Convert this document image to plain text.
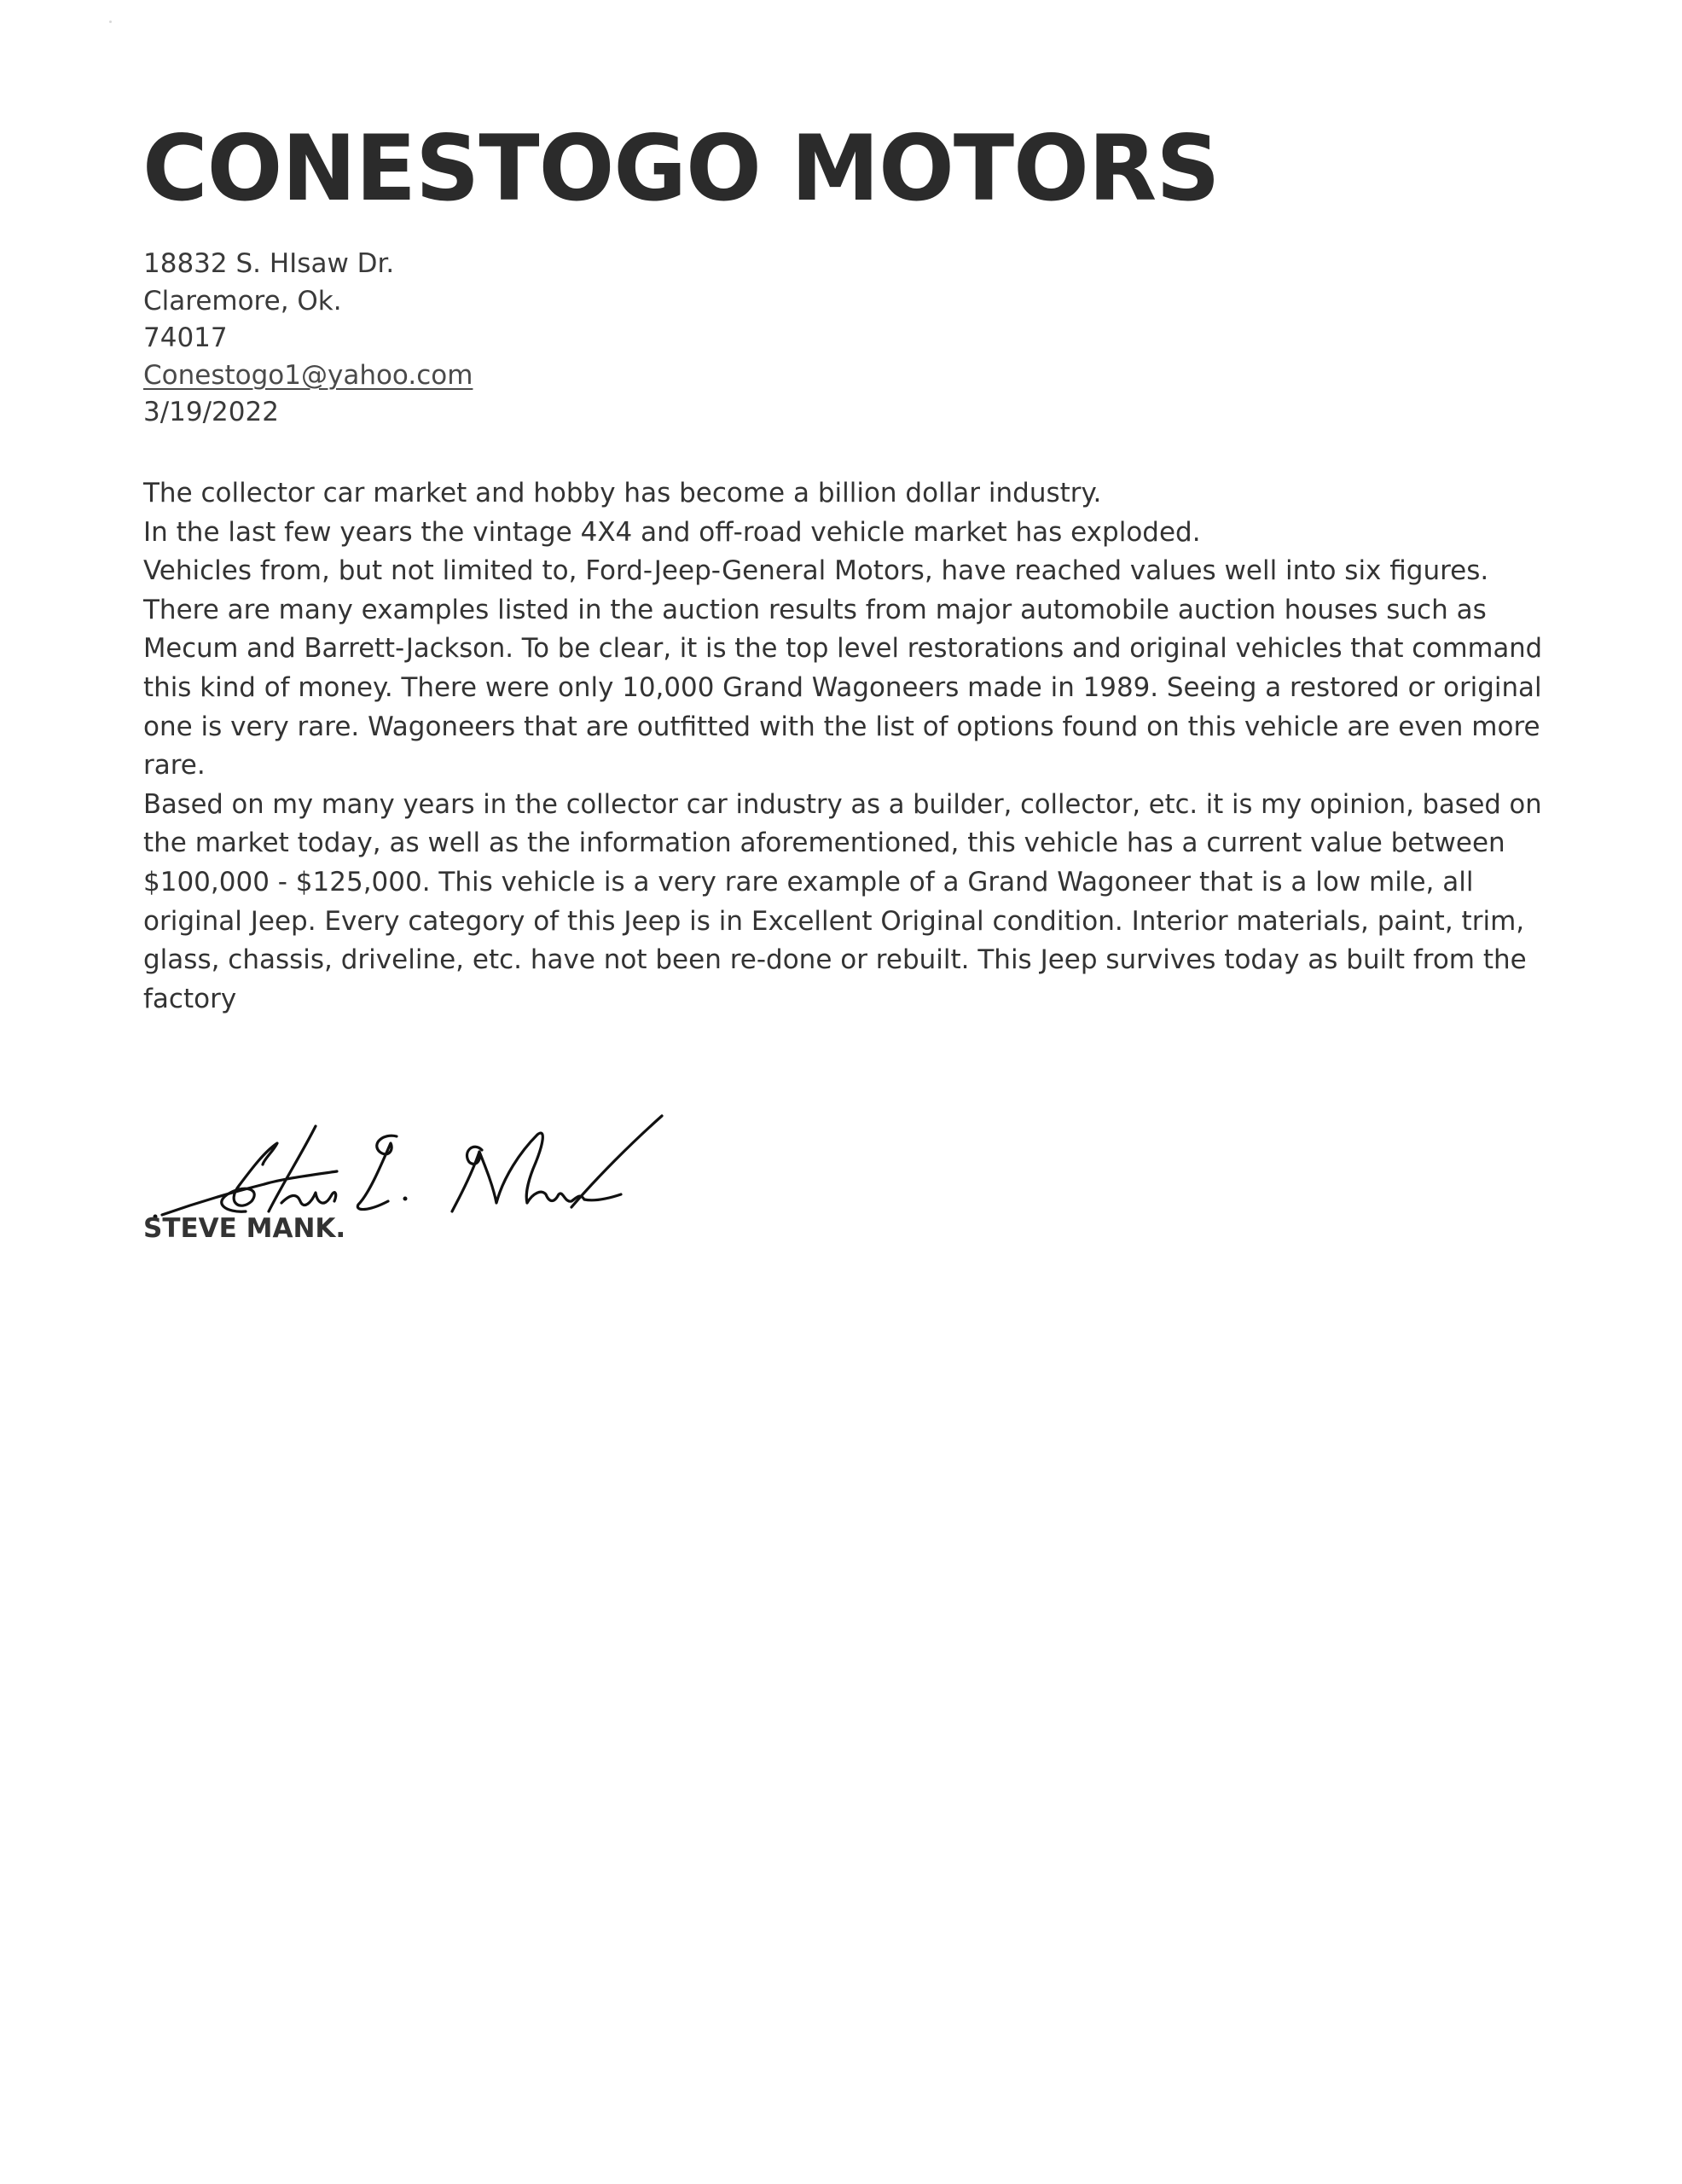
CONESTOGO MOTORS
18832 S. HIsaw Dr.
Claremore, Ok.
74017
Conestogo1@yahoo.com
3/19/2022
The collector car market and hobby has become a billion dollar industry.
In the last few years the vintage 4X4 and off-road vehicle market has exploded.
Vehicles from, but not limited to, Ford-Jeep-General Motors, have reached values well into six figures.
There are many examples listed in the auction results from major automobile auction houses such as
Mecum and Barrett-Jackson. To be clear, it is the top level restorations and original vehicles that command
this kind of money. There were only 10,000 Grand Wagoneers made in 1989. Seeing a restored or original
one is very rare. Wagoneers that are outfitted with the list of options found on this vehicle are even more
rare.
Based on my many years in the collector car industry as a builder, collector, etc. it is my opinion, based on
the market today, as well as the information aforementioned, this vehicle has a current value between
$100,000 - $125,000. This vehicle is a very rare example of a Grand Wagoneer that is a low mile, all
original Jeep. Every category of this Jeep is in Excellent Original condition. Interior materials, paint, trim,
glass, chassis, driveline, etc. have not been re-done or rebuilt. This Jeep survives today as built from the
factory
STEVE MANK.
